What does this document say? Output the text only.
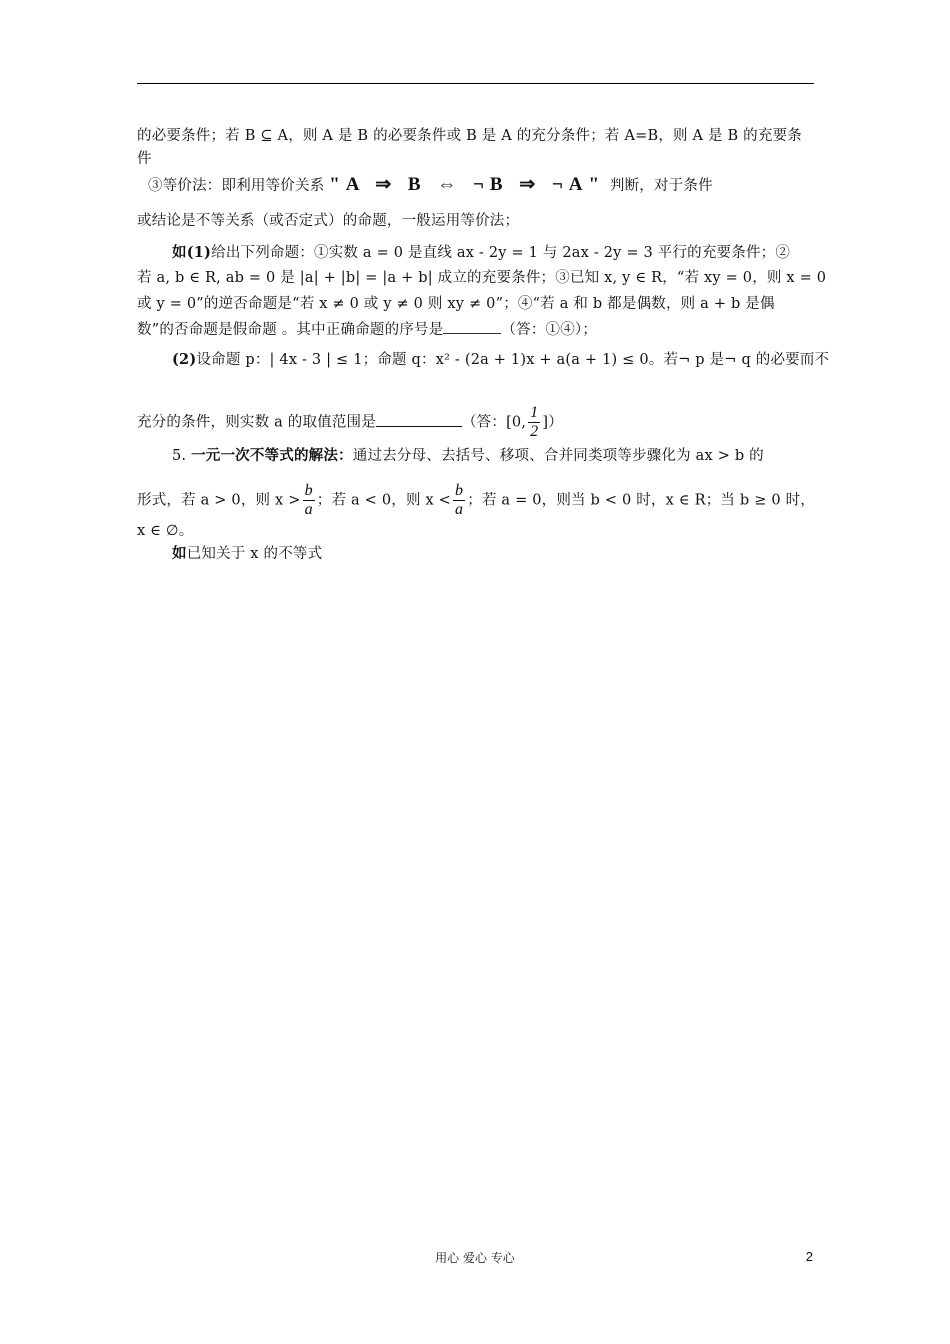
的必要条件；若 B ⊆ A，则 A 是 B 的必要条件或 B 是 A 的充分条件；若 A=B，则 A 是 B 的充要条
件
③等价法：即利用等价关系 "A ⇒ B ⇔ ¬B ⇒ ¬A" 判断，对于条件
或结论是不等关系（或否定式）的命题，一般运用等价法；
如(1)给出下列命题：①实数 a = 0 是直线 ax - 2y = 1 与 2ax - 2y = 3 平行的充要条件；②
若 a, b ∈ R, ab = 0 是 |a| + |b| = |a + b| 成立的充要条件；③已知 x, y ∈ R，“若 xy = 0，则 x = 0
或 y = 0”的逆否命题是“若 x ≠ 0 或 y ≠ 0 则 xy ≠ 0”；④“若 a 和 b 都是偶数，则 a + b 是偶
数”的否命题是假命题 。其中正确命题的序号是	（答：①④）；
(2)设命题 p：| 4x - 3 | ≤ 1；命题 q：x² - (2a + 1)x + a(a + 1) ≤ 0。若¬ p 是¬ q 的必要而不
充分的条件，则实数 a 的取值范围是	（答：[0, $\frac{1}{2}$ ]）
5. 一元一次不等式的解法：通过去分母、去括号、移项、合并同类项等步骤化为 ax > b 的
形式，若 a > 0，则 $x > \frac{b}{a}$ ；若 a < 0，则 $x < \frac{b}{a}$ ；若 a = 0，则当 b < 0 时，x ∈ R；当 b ≥ 0 时，
x ∈ ∅。
如已知关于 x 的不等式
用心 爱心 专心	2
